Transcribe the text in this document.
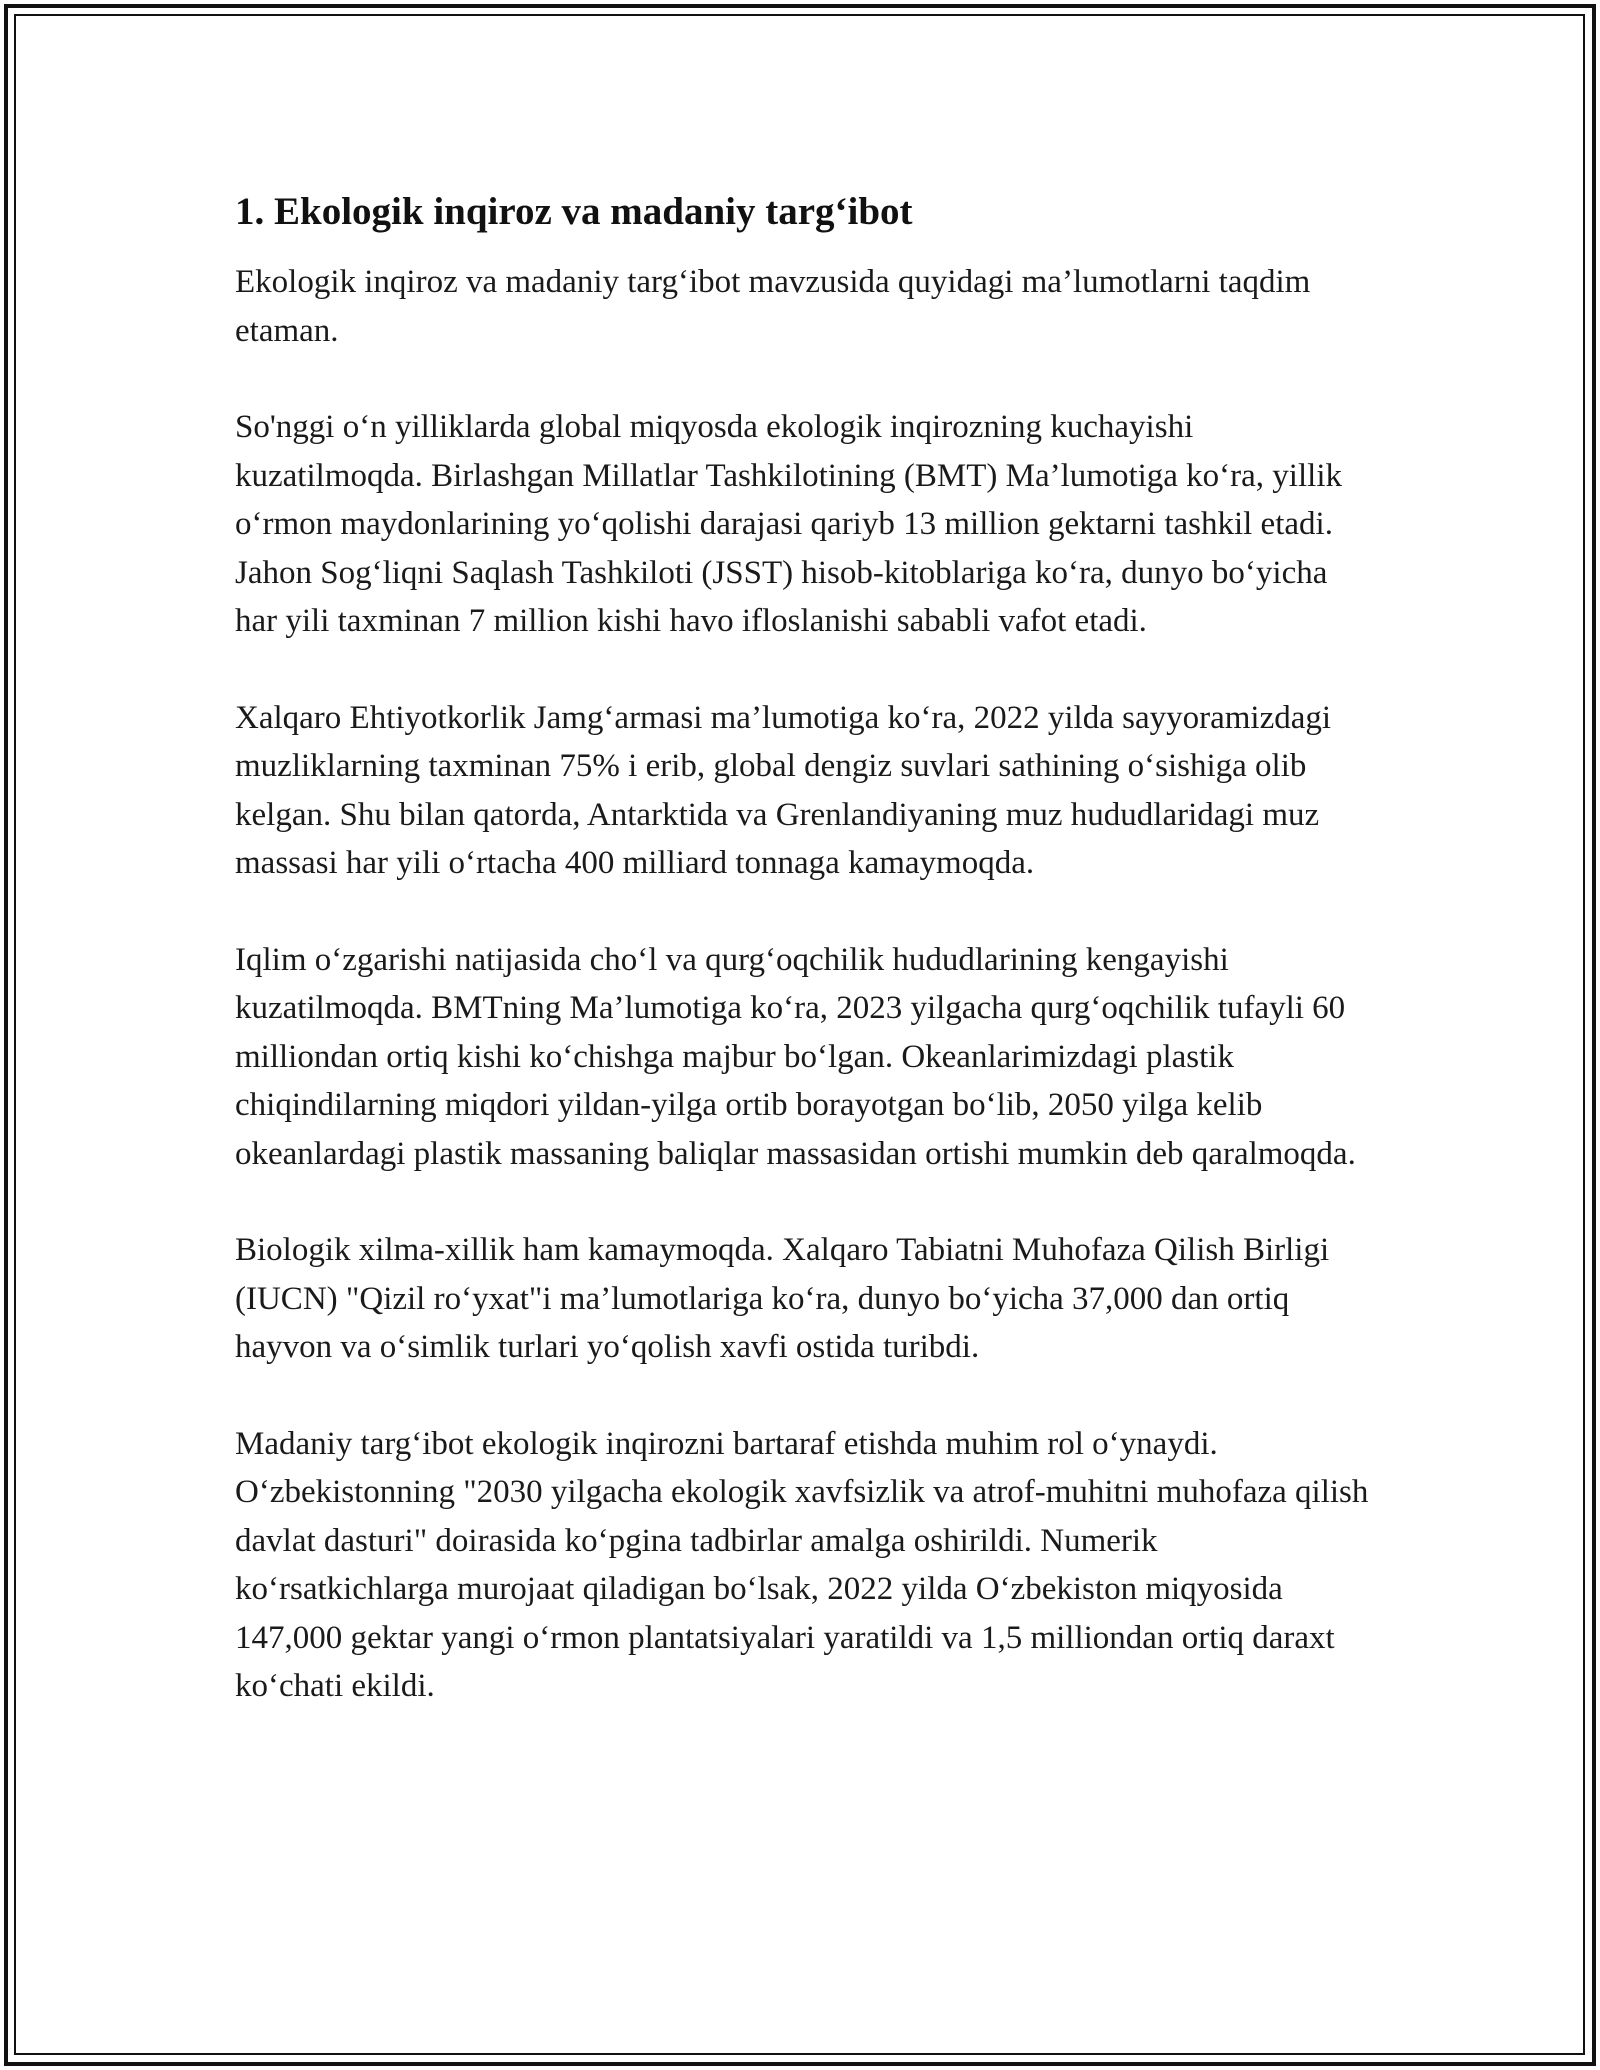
1. Ekologik inqiroz va madaniy targ‘ibot

Ekologik inqiroz va madaniy targ‘ibot mavzusida quyidagi ma’lumotlarni taqdim etaman.

So'nggi o‘n yilliklarda global miqyosda ekologik inqirozning kuchayishi kuzatilmoqda. Birlashgan Millatlar Tashkilotining (BMT) Ma’lumotiga ko‘ra, yillik o‘rmon maydonlarining yo‘qolishi darajasi qariyb 13 million gektarni tashkil etadi. Jahon Sog‘liqni Saqlash Tashkiloti (JSST) hisob-kitoblariga ko‘ra, dunyo bo‘yicha har yili taxminan 7 million kishi havo ifloslanishi sababli vafot etadi.

Xalqaro Ehtiyotkorlik Jamg‘armasi ma’lumotiga ko‘ra, 2022 yilda sayyoramizdagi muzliklarning taxminan 75% i erib, global dengiz suvlari sathining o‘sishiga olib kelgan. Shu bilan qatorda, Antarktida va Grenlandiyaning muz hududlaridagi muz massasi har yili o‘rtacha 400 milliard tonnaga kamaymoqda.

Iqlim o‘zgarishi natijasida cho‘l va qurg‘oqchilik hududlarining kengayishi kuzatilmoqda. BMTning Ma’lumotiga ko‘ra, 2023 yilgacha qurg‘oqchilik tufayli 60 milliondan ortiq kishi ko‘chishga majbur bo‘lgan. Okeanlarimizdagi plastik chiqindilarning miqdori yildan-yilga ortib borayotgan bo‘lib, 2050 yilga kelib okeanlardagi plastik massaning baliqlar massasidan ortishi mumkin deb qaralmoqda.

Biologik xilma-xillik ham kamaymoqda. Xalqaro Tabiatni Muhofaza Qilish Birligi (IUCN) "Qizil ro‘yxat"i ma’lumotlariga ko‘ra, dunyo bo‘yicha 37,000 dan ortiq hayvon va o‘simlik turlari yo‘qolish xavfi ostida turibdi.

Madaniy targ‘ibot ekologik inqirozni bartaraf etishda muhim rol o‘ynaydi. O‘zbekistonning "2030 yilgacha ekologik xavfsizlik va atrof-muhitni muhofaza qilish davlat dasturi" doirasida ko‘pgina tadbirlar amalga oshirildi. Numerik ko‘rsatkichlarga murojaat qiladigan bo‘lsak, 2022 yilda O‘zbekiston miqyosida 147,000 gektar yangi o‘rmon plantatsiyalari yaratildi va 1,5 milliondan ortiq daraxt ko‘chati ekildi.
